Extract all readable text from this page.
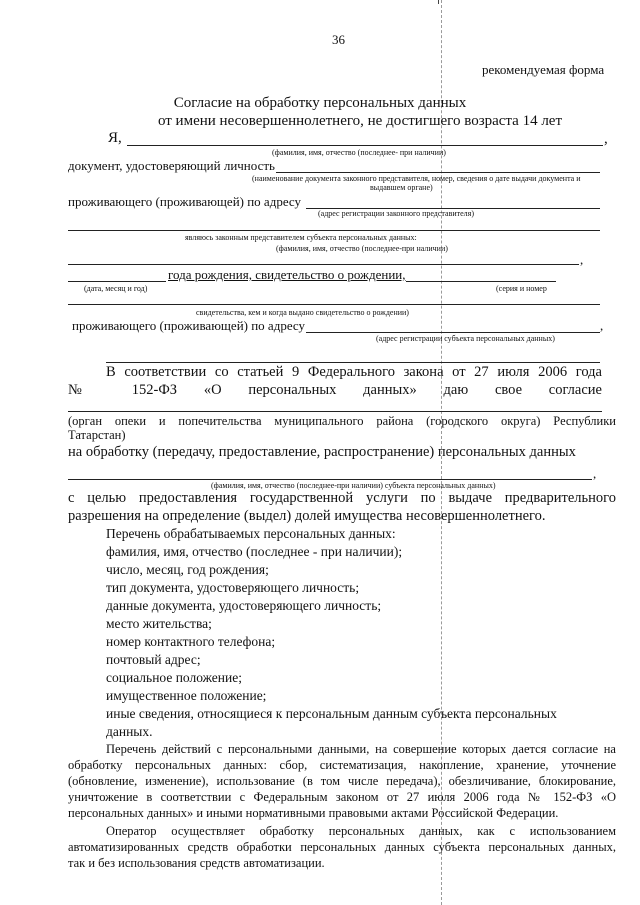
36
рекомендуемая форма
Согласие на обработку персональных данных
от имени несовершеннолетнего, не достигшего возраста 14 лет
Я,	,
(фамилия, имя, отчество (последнее- при наличии)
документ, удостоверяющий личность
(наименование документа законного представителя, номер, сведения о дате выдачи документа и
выдавшем органе)
проживающего (проживающей) по адресу
(адрес регистрации законного представителя)
являюсь законным представителем субъекта персональных данных:
(фамилия, имя, отчество (последнее-при наличии)
,
года рождения, свидетельство о рождении,
(дата, месяц и год)	(серия и номер
свидетельства, кем и когда выдано свидетельство о рождении)
проживающего (проживающей) по адресу	,
(адрес регистрации субъекта персональных данных)
В соответствии со статьей 9 Федерального закона от 27 июля 2006 года
№ 152-ФЗ «О персональных данных» даю свое согласие
(орган опеки и попечительства муниципального района (городского округа) Республики
Татарстан)
на обработку (передачу, предоставление, распространение) персональных данных
,
(фамилия, имя, отчество (последнее-при наличии) субъекта персональных данных)
с целью предоставления государственной услуги по выдаче предварительного
разрешения на определение (выдел) долей имущества несовершеннолетнего.
Перечень обрабатываемых персональных данных:
фамилия, имя, отчество (последнее - при наличии);
число, месяц, год рождения;
тип документа, удостоверяющего личность;
данные документа, удостоверяющего личность;
место жительства;
номер контактного телефона;
почтовый адрес;
социальное положение;
имущественное положение;
иные сведения, относящиеся к персональным данным субъекта персональных
данных.
Перечень действий с персональными данными, на совершение которых дается согласие на
обработку персональных данных: сбор, систематизация, накопление, хранение, уточнение
(обновление, изменение), использование (в том числе передача), обезличивание, блокирование,
уничтожение в соответствии с Федеральным законом от 27 июля 2006 года № 152-ФЗ «О
персональных данных» и иными нормативными правовыми актами Российской Федерации.
Оператор осуществляет обработку персональных данных, как с использованием
автоматизированных средств обработки персональных данных субъекта персональных данных,
так и без использования средств автоматизации.
